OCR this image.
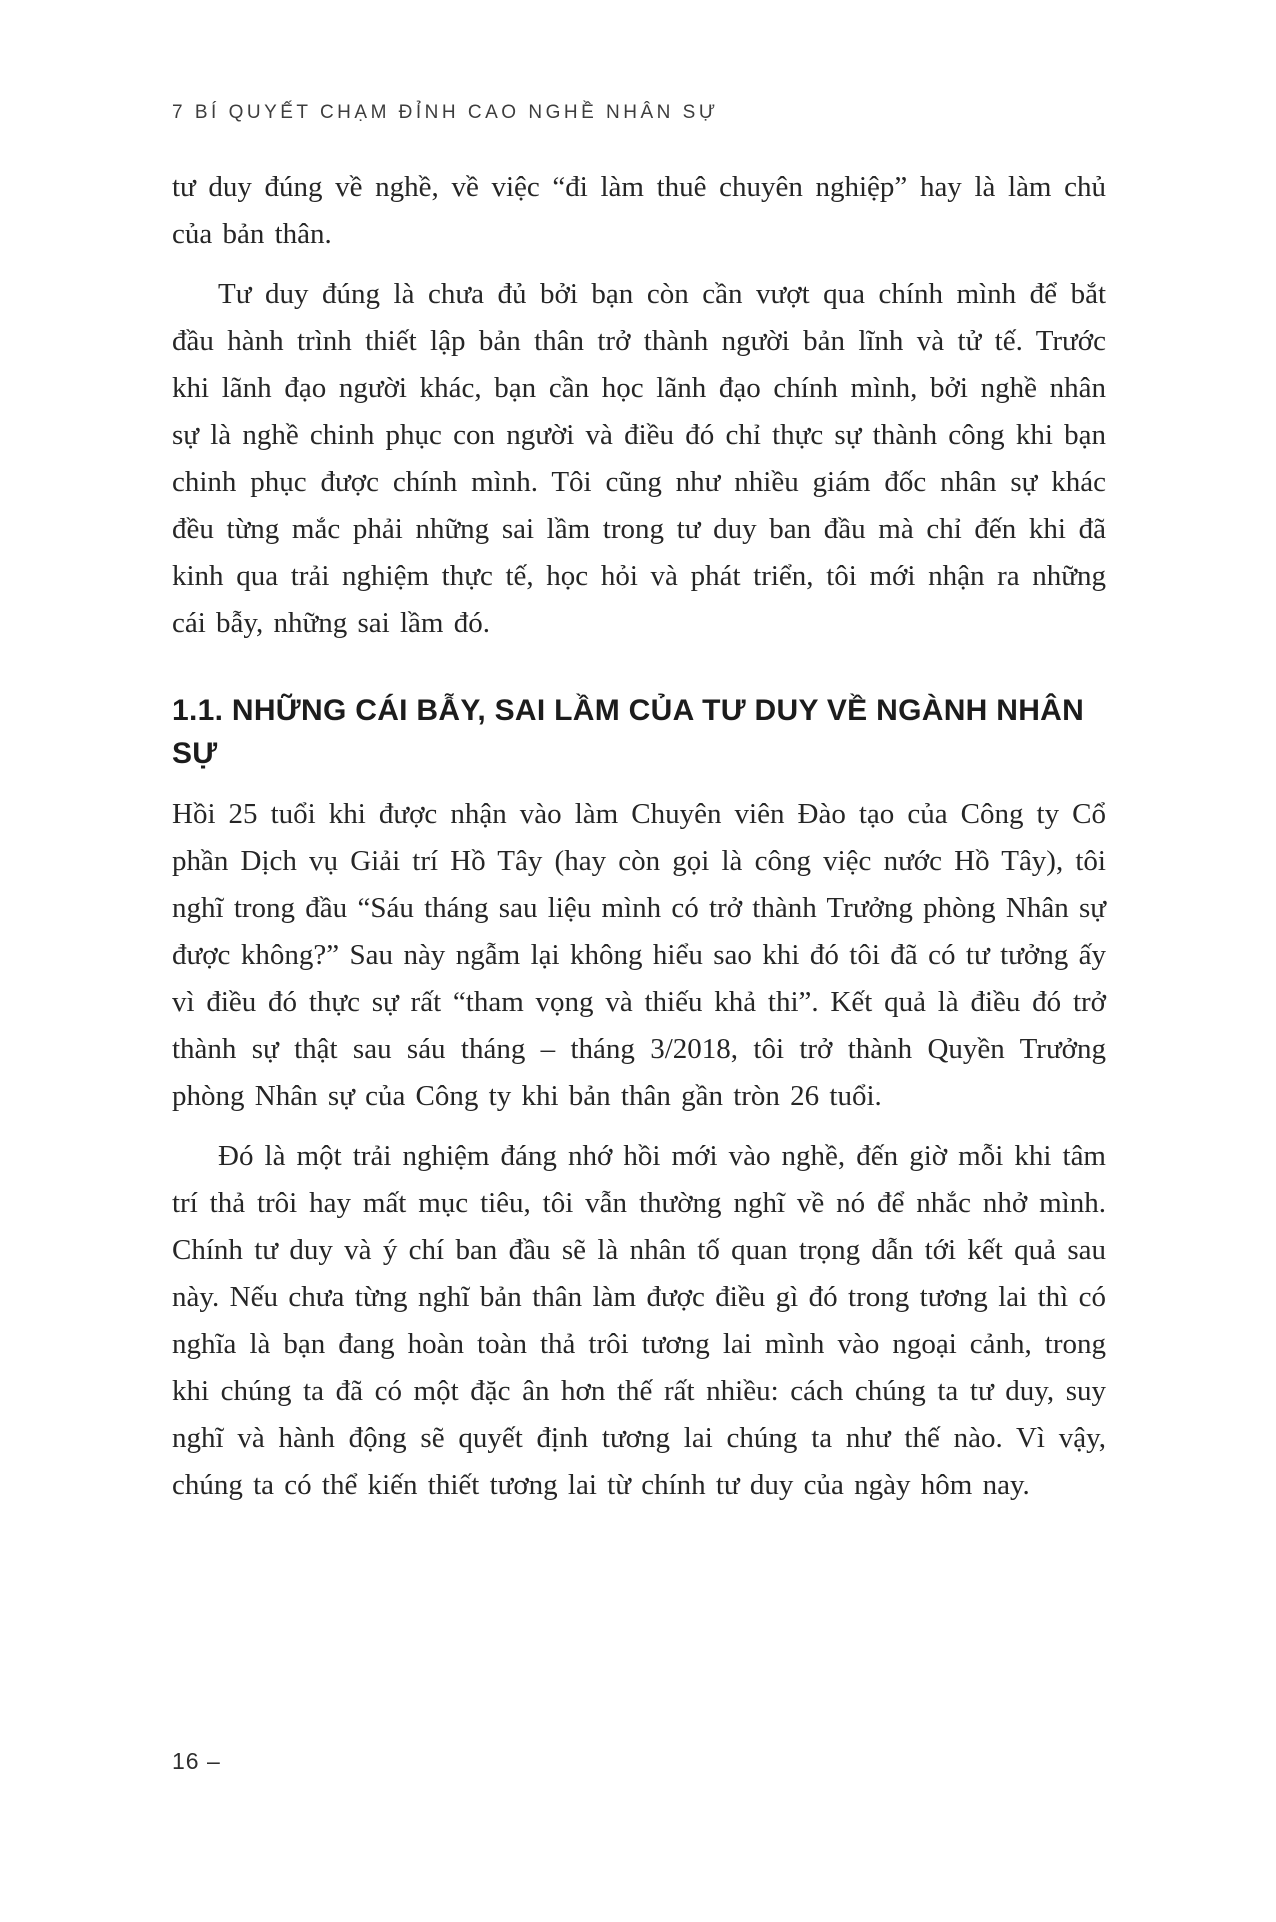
7 BÍ QUYẾT CHẠM ĐỈNH CAO NGHỀ NHÂN SỰ

tư duy đúng về nghề, về việc “đi làm thuê chuyên nghiệp” hay là làm chủ của bản thân.

Tư duy đúng là chưa đủ bởi bạn còn cần vượt qua chính mình để bắt đầu hành trình thiết lập bản thân trở thành người bản lĩnh và tử tế. Trước khi lãnh đạo người khác, bạn cần học lãnh đạo chính mình, bởi nghề nhân sự là nghề chinh phục con người và điều đó chỉ thực sự thành công khi bạn chinh phục được chính mình. Tôi cũng như nhiều giám đốc nhân sự khác đều từng mắc phải những sai lầm trong tư duy ban đầu mà chỉ đến khi đã kinh qua trải nghiệm thực tế, học hỏi và phát triển, tôi mới nhận ra những cái bẫy, những sai lầm đó.

1.1. NHỮNG CÁI BẪY, SAI LẦM CỦA TƯ DUY VỀ NGÀNH NHÂN SỰ

Hồi 25 tuổi khi được nhận vào làm Chuyên viên Đào tạo của Công ty Cổ phần Dịch vụ Giải trí Hồ Tây (hay còn gọi là công việc nước Hồ Tây), tôi nghĩ trong đầu “Sáu tháng sau liệu mình có trở thành Trưởng phòng Nhân sự được không?” Sau này ngẫm lại không hiểu sao khi đó tôi đã có tư tưởng ấy vì điều đó thực sự rất “tham vọng và thiếu khả thi”. Kết quả là điều đó trở thành sự thật sau sáu tháng – tháng 3/2018, tôi trở thành Quyền Trưởng phòng Nhân sự của Công ty khi bản thân gần tròn 26 tuổi.

Đó là một trải nghiệm đáng nhớ hồi mới vào nghề, đến giờ mỗi khi tâm trí thả trôi hay mất mục tiêu, tôi vẫn thường nghĩ về nó để nhắc nhở mình. Chính tư duy và ý chí ban đầu sẽ là nhân tố quan trọng dẫn tới kết quả sau này. Nếu chưa từng nghĩ bản thân làm được điều gì đó trong tương lai thì có nghĩa là bạn đang hoàn toàn thả trôi tương lai mình vào ngoại cảnh, trong khi chúng ta đã có một đặc ân hơn thế rất nhiều: cách chúng ta tư duy, suy nghĩ và hành động sẽ quyết định tương lai chúng ta như thế nào. Vì vậy, chúng ta có thể kiến thiết tương lai từ chính tư duy của ngày hôm nay.

16 –
